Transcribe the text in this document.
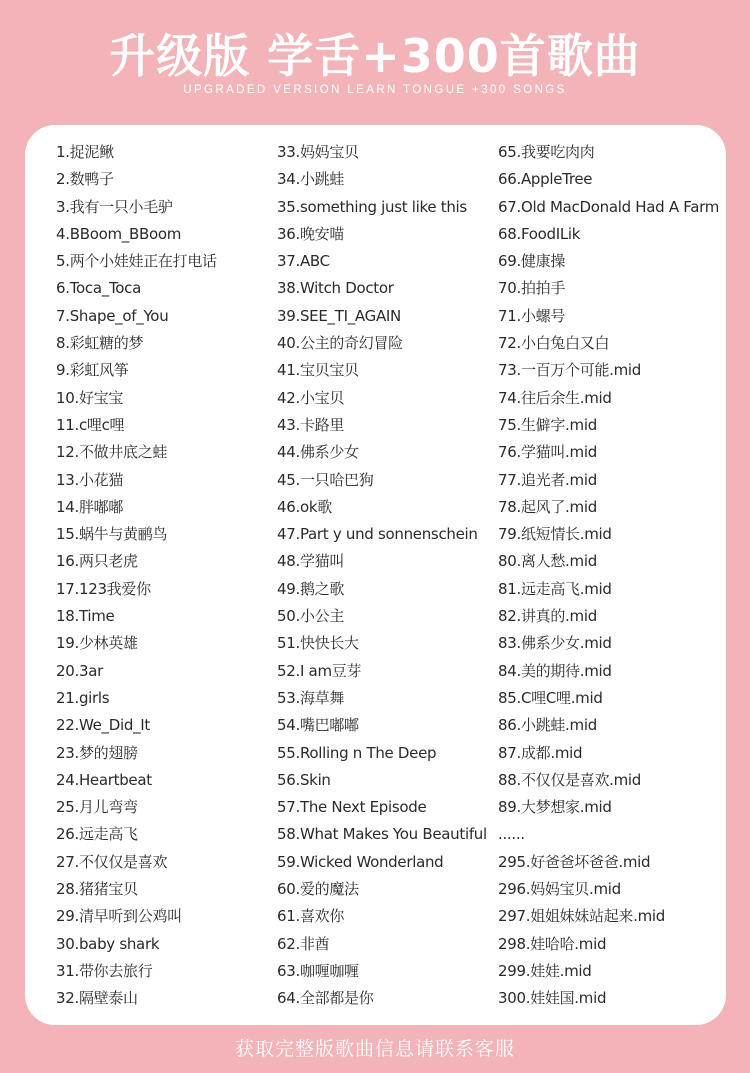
升级版 学舌+300首歌曲
UPGRADED VERSION LEARN TONGUE +300 SONGS
1.捉泥鳅
2.数鸭子
3.我有一只小毛驴
4.BBoom_BBoom
5.两个小娃娃正在打电话
6.Toca_Toca
7.Shape_of_You
8.彩虹糖的梦
9.彩虹风筝
10.好宝宝
11.c哩c哩
12.不做井底之蛙
13.小花猫
14.胖嘟嘟
15.蜗牛与黄鹂鸟
16.两只老虎
17.123我爱你
18.Time
19.少林英雄
20.3ar
21.girls
22.We_Did_It
23.梦的翅膀
24.Heartbeat
25.月儿弯弯
26.远走高飞
27.不仅仅是喜欢
28.猪猪宝贝
29.清早听到公鸡叫
30.baby shark
31.带你去旅行
32.隔壁泰山
33.妈妈宝贝
34.小跳蛙
35.something just like this
36.晚安喵
37.ABC
38.Witch Doctor
39.SEE_TI_AGAIN
40.公主的奇幻冒险
41.宝贝宝贝
42.小宝贝
43.卡路里
44.佛系少女
45.一只哈巴狗
46.ok歌
47.Part y und sonnenschein
48.学猫叫
49.鹅之歌
50.小公主
51.快快长大
52.I am豆芽
53.海草舞
54.嘴巴嘟嘟
55.Rolling n The Deep
56.Skin
57.The Next Episode
58.What Makes You Beautiful
59.Wicked Wonderland
60.爱的魔法
61.喜欢你
62.非酋
63.咖喱咖喱
64.全部都是你
65.我要吃肉肉
66.AppleTree
67.Old MacDonald Had A Farm
68.FoodILik
69.健康操
70.拍拍手
71.小螺号
72.小白兔白又白
73.一百万个可能.mid
74.往后余生.mid
75.生僻字.mid
76.学猫叫.mid
77.追光者.mid
78.起风了.mid
79.纸短情长.mid
80.离人愁.mid
81.远走高飞.mid
82.讲真的.mid
83.佛系少女.mid
84.美的期待.mid
85.C哩C哩.mid
86.小跳蛙.mid
87.成都.mid
88.不仅仅是喜欢.mid
89.大梦想家.mid
......
295.好爸爸坏爸爸.mid
296.妈妈宝贝.mid
297.姐姐妹妹站起来.mid
298.娃哈哈.mid
299.娃娃.mid
300.娃娃国.mid
获取完整版歌曲信息请联系客服
